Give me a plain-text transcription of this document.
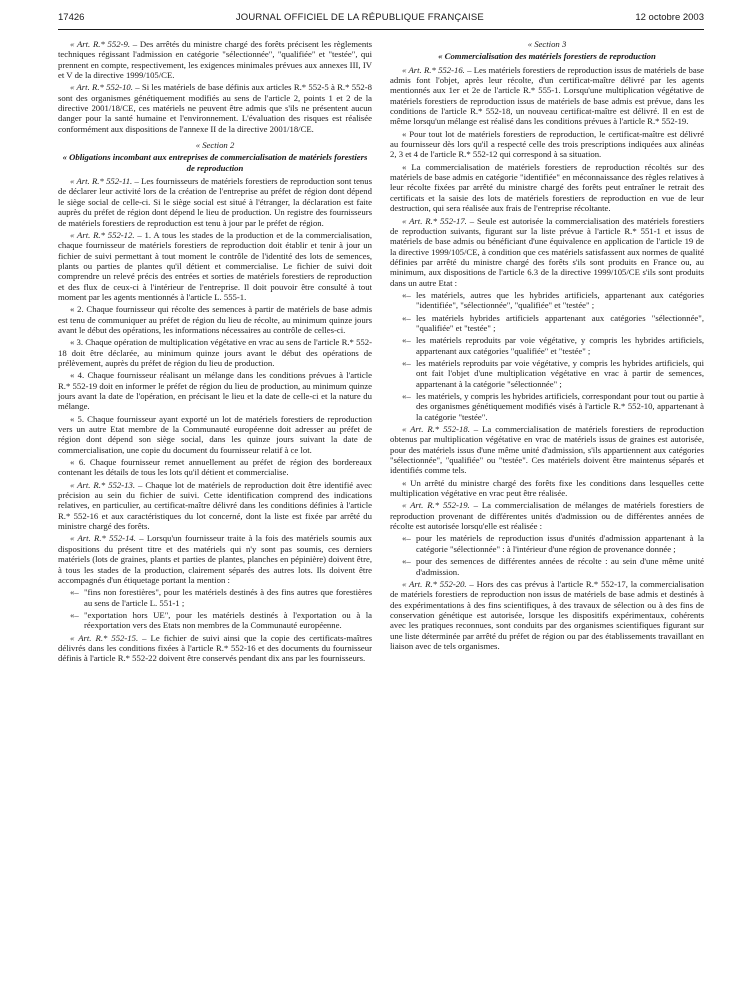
17426	JOURNAL OFFICIEL DE LA RÉPUBLIQUE FRANÇAISE	12 octobre 2003

« Art. R.* 552-9. – Des arrêtés du ministre chargé des forêts précisent les règlements techniques régissant l'admission en catégorie "sélectionnée", "qualifiée" et "testée", qui prennent en compte, respectivement, les exigences minimales prévues aux annexes III, IV et V de la directive 1999/105/CE.

« Art. R.* 552-10. – Si les matériels de base définis aux articles R.* 552-5 à R.* 552-8 sont des organismes génétiquement modifiés au sens de l'article 2, points 1 et 2 de la directive 2001/18/CE, ces matériels ne peuvent être admis que s'ils ne présentent aucun danger pour la santé humaine et l'environnement. L'évaluation des risques est réalisée conformément aux dispositions de l'annexe II de la directive 2001/18/CE.

« Section 2

« Obligations incombant aux entreprises de commercialisation de matériels forestiers de reproduction

« Art. R.* 552-11. – Les fournisseurs de matériels forestiers de reproduction sont tenus de déclarer leur activité lors de la création de l'entreprise au préfet de région dont dépend le siège social de celle-ci. Si le siège social est situé à l'étranger, la déclaration est faite auprès du préfet de région dont dépend le lieu de production. Un registre des fournisseurs de matériels forestiers de reproduction est tenu à jour par le préfet de région.

« Art. R.* 552-12. – 1. A tous les stades de la production et de la commercialisation, chaque fournisseur de matériels forestiers de reproduction doit établir et tenir à jour un fichier de suivi permettant à tout moment le contrôle de l'identité des lots de semences, plants ou parties de plantes qu'il détient et commercialise. Le fichier de suivi doit comprendre un relevé précis des entrées et sorties de matériels forestiers de reproduction et des flux de ceux-ci à l'intérieur de l'entreprise. Il doit pouvoir être consulté à tout moment par les agents mentionnés à l'article L. 555-1.

« 2. Chaque fournisseur qui récolte des semences à partir de matériels de base admis est tenu de communiquer au préfet de région du lieu de récolte, au minimum quinze jours avant le début des opérations, les informations nécessaires au contrôle de celles-ci.

« 3. Chaque opération de multiplication végétative en vrac au sens de l'article R.* 552-18 doit être déclarée, au minimum quinze jours avant le début des opérations de prélèvement, auprès du préfet de région du lieu de production.

« 4. Chaque fournisseur réalisant un mélange dans les conditions prévues à l'article R.* 552-19 doit en informer le préfet de région du lieu de production, au minimum quinze jours avant la date de l'opération, en précisant le lieu et la date de celle-ci et la nature du mélange.

« 5. Chaque fournisseur ayant exporté un lot de matériels forestiers de reproduction vers un autre Etat membre de la Communauté européenne doit adresser au préfet de région dont dépend son siège social, dans les quinze jours suivant la date de commercialisation, une copie du document du fournisseur relatif à ce lot.

« 6. Chaque fournisseur remet annuellement au préfet de région des bordereaux contenant les détails de tous les lots qu'il détient et commercialise.

« Art. R.* 552-13. – Chaque lot de matériels de reproduction doit être identifié avec précision au sein du fichier de suivi. Cette identification comprend des indications relatives, en particulier, au certificat-maître délivré dans les conditions définies à l'article R.* 552-16 et aux caractéristiques du lot concerné, dont la liste est fixée par arrêté du ministre chargé des forêts.

« Art. R.* 552-14. – Lorsqu'un fournisseur traite à la fois des matériels soumis aux dispositions du présent titre et des matériels qui n'y sont pas soumis, ces derniers matériels (lots de graines, plants et parties de plantes, planches en pépinière) doivent être, à tous les stades de la production, clairement séparés des autres lots. Ils doivent être accompagnés d'un étiquetage portant la mention :

«– "fins non forestières", pour les matériels destinés à des fins autres que forestières au sens de l'article L. 551-1 ;

«– "exportation hors UE", pour les matériels destinés à l'exportation ou à la réexportation vers des Etats non membres de la Communauté européenne.

« Art. R.* 552-15. – Le fichier de suivi ainsi que la copie des certificats-maîtres délivrés dans les conditions fixées à l'article R.* 552-16 et des documents du fournisseur définis à l'article R.* 552-22 doivent être conservés pendant dix ans par les fournisseurs.

« Section 3

« Commercialisation des matériels forestiers de reproduction

« Art. R.* 552-16. – Les matériels forestiers de reproduction issus de matériels de base admis font l'objet, après leur récolte, d'un certificat-maître délivré par les agents mentionnés aux 1er et 2e de l'article R.* 555-1. Lorsqu'une multiplication végétative de matériels forestiers de reproduction issus de matériels de base admis est prévue, dans les conditions de l'article R.* 552-18, un nouveau certificat-maître est délivré. Il en est de même lorsqu'un mélange est réalisé dans les conditions prévues à l'article R.* 552-19.

« Pour tout lot de matériels forestiers de reproduction, le certificat-maître est délivré au fournisseur dès lors qu'il a respecté celle des trois prescriptions indiquées aux alinéas 2, 3 et 4 de l'article R.* 552-12 qui correspond à sa situation.

« La commercialisation de matériels forestiers de reproduction récoltés sur des matériels de base admis en catégorie "identifiée" en méconnaissance des règles relatives à leur récolte fixées par arrêté du ministre chargé des forêts peut entraîner le retrait des certificats et la saisie des lots de matériels forestiers de reproduction en vue de leur destruction, qui sera réalisée aux frais de l'entreprise récoltante.

« Art. R.* 552-17. – Seule est autorisée la commercialisation des matériels forestiers de reproduction suivants, figurant sur la liste prévue à l'article R.* 551-1 et issus de matériels de base admis ou bénéficiant d'une équivalence en application de l'article 19 de la directive 1999/105/CE, à condition que ces matériels satisfassent aux normes de qualité définies par arrêté du ministre chargé des forêts s'ils sont produits en France ou, au minimum, aux dispositions de l'article 6.3 de la directive 1999/105/CE s'ils sont produits dans un autre Etat :

«– les matériels, autres que les hybrides artificiels, appartenant aux catégories "identifiée", "sélectionnée", "qualifiée" et "testée" ;

«– les matériels hybrides artificiels appartenant aux catégories "sélectionnée", "qualifiée" et "testée" ;

«– les matériels reproduits par voie végétative, y compris les hybrides artificiels, appartenant aux catégories "qualifiée" et "testée" ;

«– les matériels reproduits par voie végétative, y compris les hybrides artificiels, qui ont fait l'objet d'une multiplication végétative en vrac à partir de semences, appartenant à la catégorie "sélectionnée" ;

«– les matériels, y compris les hybrides artificiels, correspondant pour tout ou partie à des organismes génétiquement modifiés visés à l'article R.* 552-10, appartenant à la catégorie "testée".

« Art. R.* 552-18. – La commercialisation de matériels forestiers de reproduction obtenus par multiplication végétative en vrac de matériels issus de graines est autorisée, pour des matériels issus d'une même unité d'admission, s'ils appartiennent aux catégories "sélectionnée", "qualifiée" ou "testée". Ces matériels doivent être maintenus séparés et identifiés comme tels.

« Un arrêté du ministre chargé des forêts fixe les conditions dans lesquelles cette multiplication végétative en vrac peut être réalisée.

« Art. R.* 552-19. – La commercialisation de mélanges de matériels forestiers de reproduction provenant de différentes unités d'admission ou de différentes années de récolte est autorisée lorsqu'elle est réalisée :

«– pour les matériels de reproduction issus d'unités d'admission appartenant à la catégorie "sélectionnée" : à l'intérieur d'une région de provenance donnée ;

«– pour des semences de différentes années de récolte : au sein d'une même unité d'admission.

« Art. R.* 552-20. – Hors des cas prévus à l'article R.* 552-17, la commercialisation de matériels forestiers de reproduction non issus de matériels de base admis et destinés à des expérimentations à des fins scientifiques, à des travaux de sélection ou à des fins de conservation génétique est autorisée, lorsque les dispositifs expérimentaux, cohérents avec les pratiques reconnues, sont conduits par des organismes scientifiques figurant sur une liste déterminée par arrêté du préfet de région ou par des établissements travaillant en liaison avec de tels organismes.
